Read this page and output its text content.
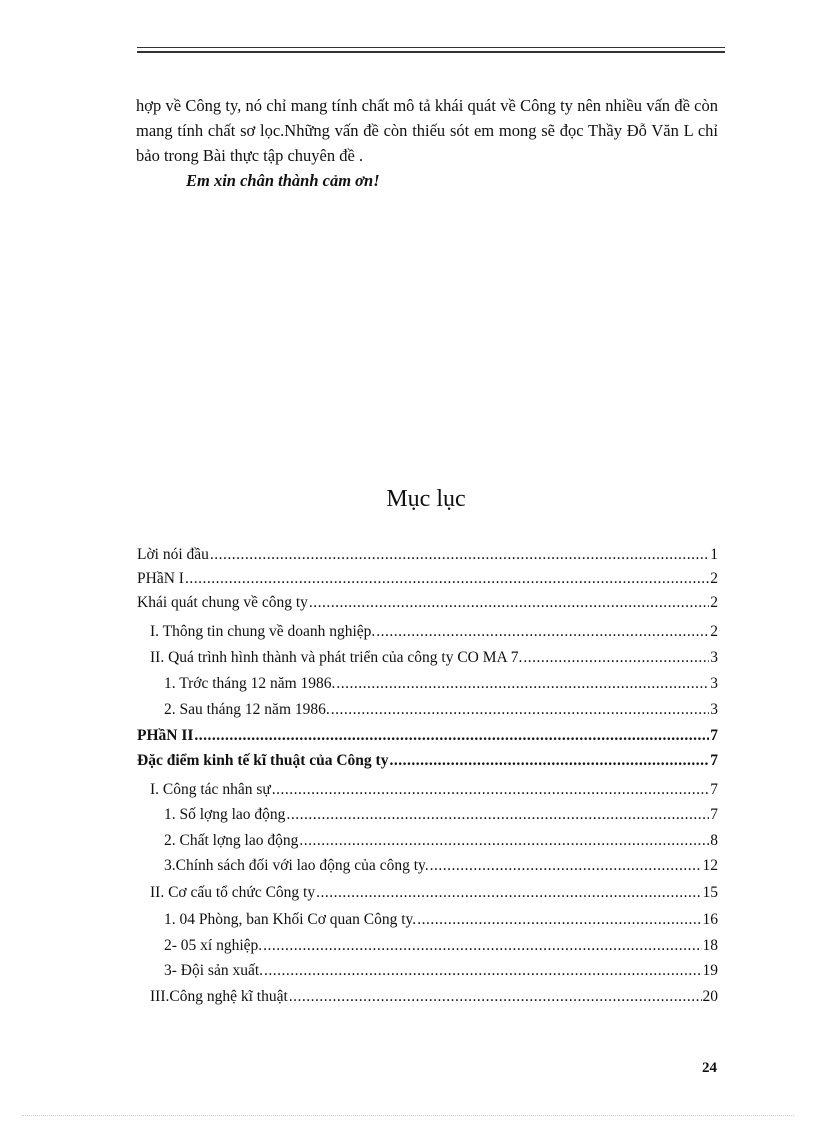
hợp về Công ty, nó chỉ mang tính chất mô tả khái quát về Công ty nên nhiều vấn đề còn mang tính chất sơ lọc.Những vấn đề còn thiếu sót em mong sẽ đọc Thầy Đỗ Văn L chỉ bảo trong Bài thực tập chuyên đề .

Em xin chân thành cảm ơn!
Mục lục
Lời nói đầu .....	1
PHầN I .....	2
Khái quát chung về công ty .....	2
I. Thông tin chung về doanh nghiệp. .....	2
II. Quá trình hình thành và phát triển của công ty CO MA 7. .....	3
1. Trớc tháng 12 năm 1986. .....	3
2. Sau tháng 12 năm 1986. .....	3
PHầN II .....	7
Đặc điểm kinh tế kĩ thuật của Công ty .....	7
I. Công tác nhân sự .....	7
1. Số lợng lao động .....	7
2. Chất lợng lao động .....	8
3.Chính sách đối với lao động của công ty. .....	12
II. Cơ cấu tổ chức Công ty .....	15
1. 04 Phòng, ban Khối Cơ quan Công ty. .....	16
2- 05 xí nghiệp. .....	18
3- Đội sản xuất. .....	19
III.Công nghệ kĩ thuật .....	20
24
